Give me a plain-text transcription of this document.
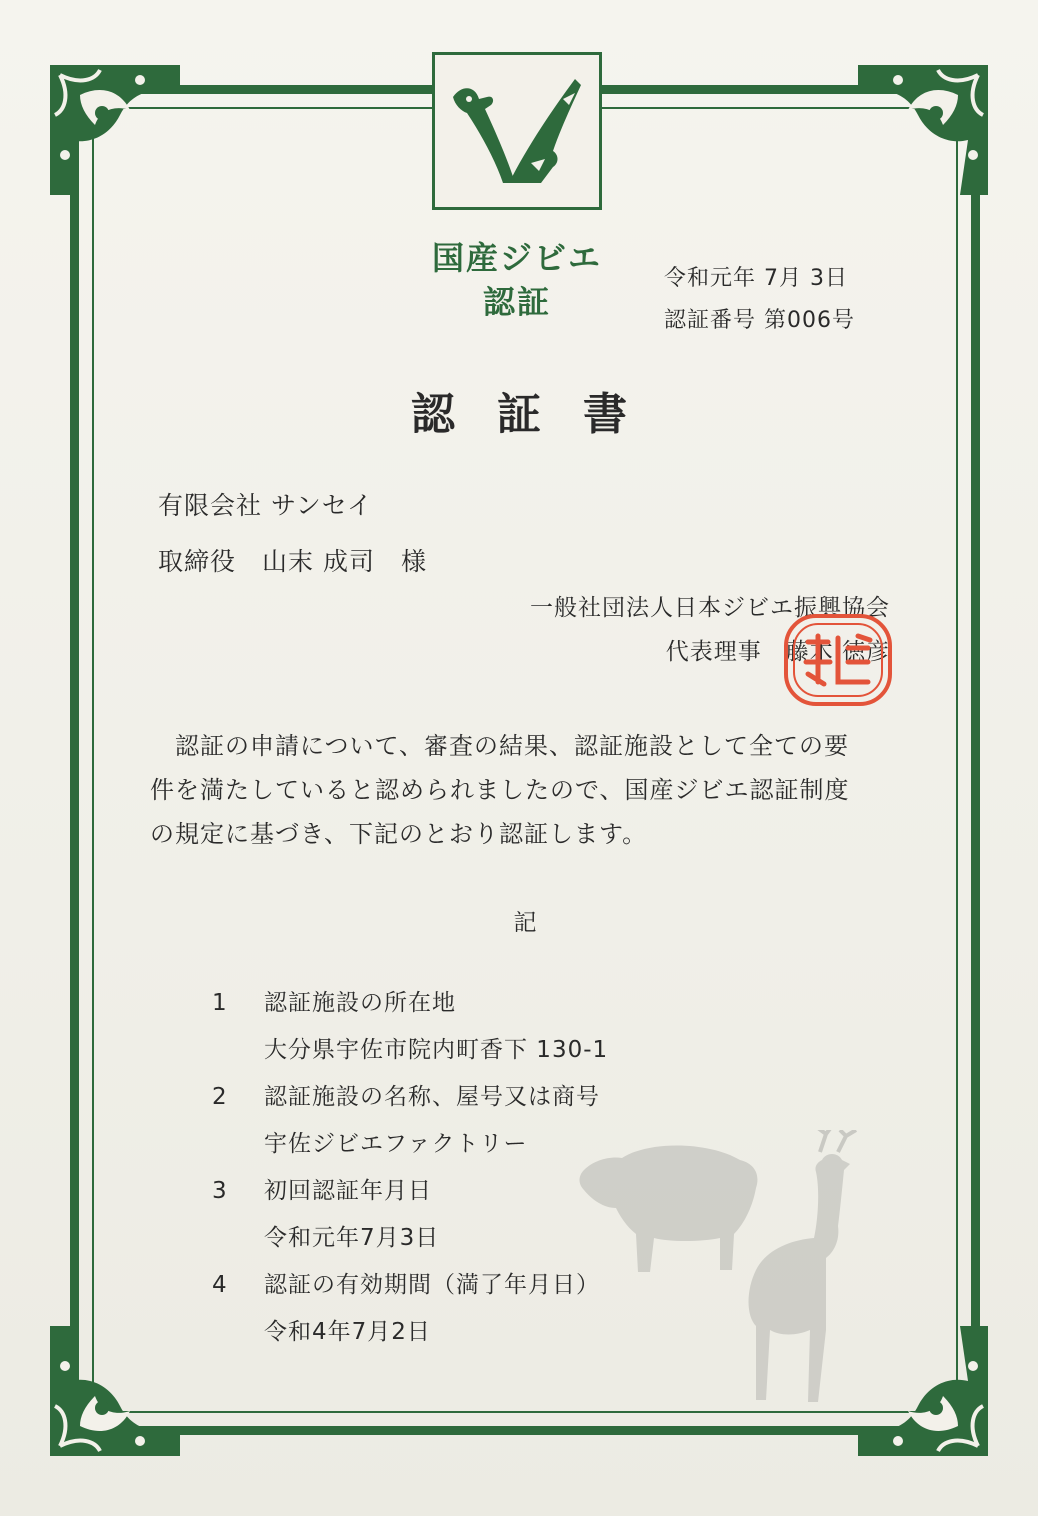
国産ジビエ
認証
令和元年 7月 3日
認証番号 第006号
認証書
有限会社 サンセイ
取締役　山末 成司　様
一般社団法人日本ジビエ振興協会
代表理事　藤木 徳彦

　認証の申請について、審査の結果、認証施設として全ての要

件を満たしていると認められましたので、国産ジビエ認証制度

の規定に基づき、下記のとおり認証します。

記
1	認証施設の所在地
大分県宇佐市院内町香下 130-1
2	認証施設の名称、屋号又は商号
宇佐ジビエファクトリー
3	初回認証年月日
令和元年7月3日
4	認証の有効期間（満了年月日）
令和4年7月2日
